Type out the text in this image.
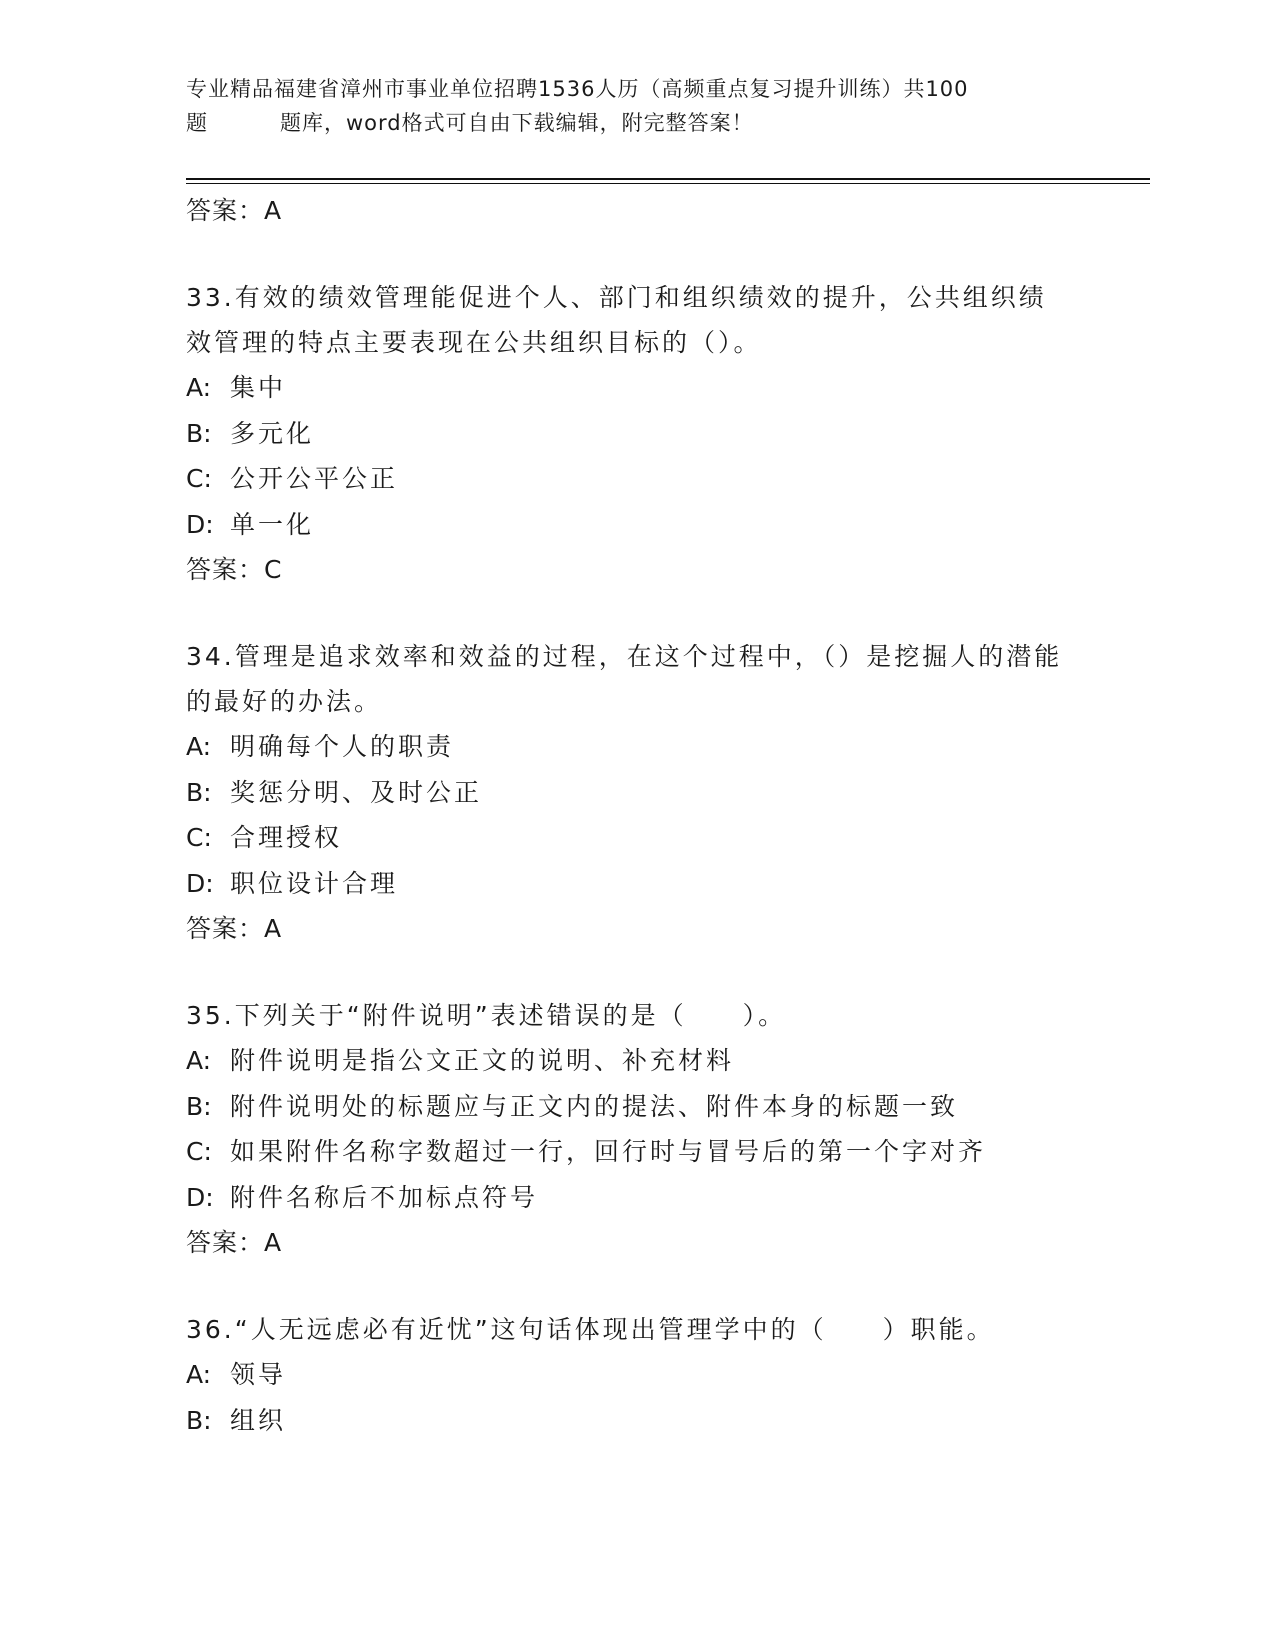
专业精品福建省漳州市事业单位招聘1536人历（高频重点复习提升训练）共100
题	题库，word格式可自由下载编辑，附完整答案！

答案：A

33.有效的绩效管理能促进个人、部门和组织绩效的提升，公共组织绩效管理的特点主要表现在公共组织目标的（）。

A: 集中

B: 多元化

C: 公开公平公正

D: 单一化

答案：C

34.管理是追求效率和效益的过程，在这个过程中，（）是挖掘人的潜能的最好的办法。

A: 明确每个人的职责

B: 奖惩分明、及时公正

C: 合理授权

D: 职位设计合理

答案：A

35.下列关于“附件说明”表述错误的是（　　）。

A: 附件说明是指公文正文的说明、补充材料

B: 附件说明处的标题应与正文内的提法、附件本身的标题一致

C: 如果附件名称字数超过一行，回行时与冒号后的第一个字对齐

D: 附件名称后不加标点符号

答案：A

36.“人无远虑必有近忧”这句话体现出管理学中的（　　）职能。

A: 领导

B: 组织
